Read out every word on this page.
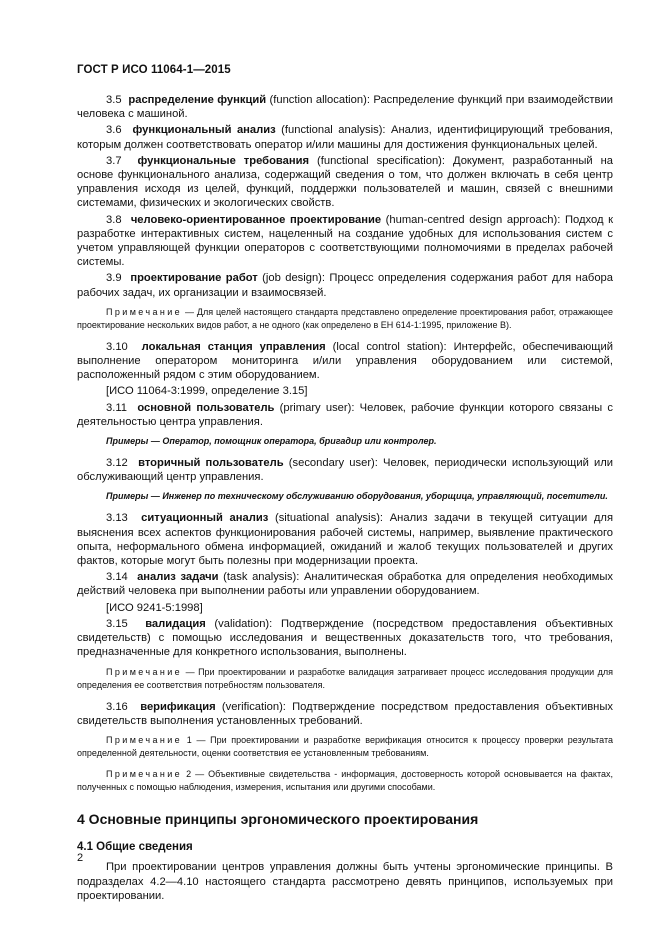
ГОСТ Р ИСО 11064-1—2015

3.5 распределение функций (function allocation): Распределение функций при взаимодействии человека с машиной.

3.6 функциональный анализ (functional analysis): Анализ, идентифицирующий требования, которым должен соответствовать оператор и/или машины для достижения функциональных целей.

3.7 функциональные требования (functional specification): Документ, разработанный на основе функционального анализа, содержащий сведения о том, что должен включать в себя центр управления исходя из целей, функций, поддержки пользователей и машин, связей с внешними системами, физических и экологических свойств.

3.8 человеко-ориентированное проектирование (human-centred design approach): Подход к разработке интерактивных систем, нацеленный на создание удобных для использования систем с учетом управляющей функции операторов с соответствующими полномочиями в пределах рабочей системы.

3.9 проектирование работ (job design): Процесс определения содержания работ для набора рабочих задач, их организации и взаимосвязей.

Примечание — Для целей настоящего стандарта представлено определение проектирования работ, отражающее проектирование нескольких видов работ, а не одного (как определено в ЕН 614-1:1995, приложение В).

3.10 локальная станция управления (local control station): Интерфейс, обеспечивающий выполнение оператором мониторинга и/или управления оборудованием или системой, расположенный рядом с этим оборудованием.

[ИСО 11064-3:1999, определение 3.15]

3.11 основной пользователь (primary user): Человек, рабочие функции которого связаны с деятельностью центра управления.

Примеры — Оператор, помощник оператора, бригадир или контролер.

3.12 вторичный пользователь (secondary user): Человек, периодически использующий или обслуживающий центр управления.

Примеры — Инженер по техническому обслуживанию оборудования, уборщица, управляющий, посетители.

3.13 ситуационный анализ (situational analysis): Анализ задачи в текущей ситуации для выяснения всех аспектов функционирования рабочей системы, например, выявление практического опыта, неформального обмена информацией, ожиданий и жалоб текущих пользователей и других фактов, которые могут быть полезны при модернизации проекта.

3.14 анализ задачи (task analysis): Аналитическая обработка для определения необходимых действий человека при выполнении работы или управлении оборудованием.

[ИСО 9241-5:1998]

3.15 валидация (validation): Подтверждение (посредством предоставления объективных свидетельств) с помощью исследования и вещественных доказательств того, что требования, предназначенные для конкретного использования, выполнены.

Примечание — При проектировании и разработке валидация затрагивает процесс исследования продукции для определения ее соответствия потребностям пользователя.

3.16 верификация (verification): Подтверждение посредством предоставления объективных свидетельств выполнения установленных требований.

Примечание 1 — При проектировании и разработке верификация относится к процессу проверки результата определенной деятельности, оценки соответствия ее установленным требованиям.

Примечание 2 — Объективные свидетельства - информация, достоверность которой основывается на фактах, полученных с помощью наблюдения, измерения, испытания или другими способами.

4 Основные принципы эргономического проектирования
4.1 Общие сведения

При проектировании центров управления должны быть учтены эргономические принципы. В подразделах 4.2—4.10 настоящего стандарта рассмотрено девять принципов, используемых при проектировании.

2
